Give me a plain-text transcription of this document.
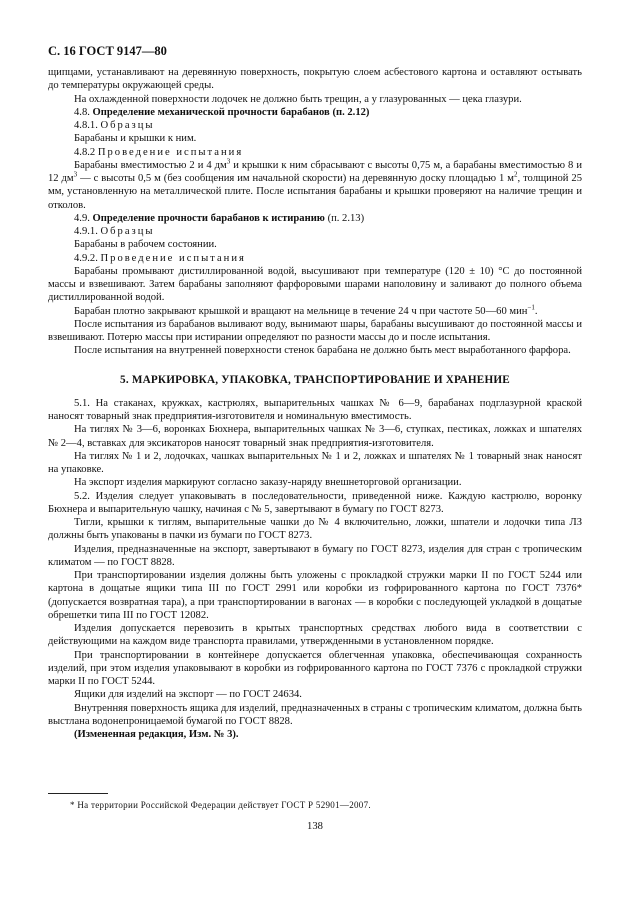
С. 16 ГОСТ 9147—80

щипцами, устанавливают на деревянную поверхность, покрытую слоем асбестового картона и оставляют остывать до температуры окружающей среды.

На охлажденной поверхности лодочек не должно быть трещин, а у глазурованных — цека глазури.

4.8. Определение механической прочности барабанов (п. 2.12)

4.8.1. Образцы

Барабаны и крышки к ним.

4.8.2 Проведение испытания

Барабаны вместимостью 2 и 4 $дм^3$ и крышки к ним сбрасывают с высоты 0,75 м, а барабаны вместимостью 8 и 12 $дм^3$ — с высоты 0,5 м (без сообщения им начальной скорости) на деревянную доску площадью 1 $м^2$, толщиной 25 мм, установленную на металлической плите. После испытания барабаны и крышки проверяют на наличие трещин и отколов.

4.9. Определение прочности барабанов к истиранию (п. 2.13)

4.9.1. Образцы

Барабаны в рабочем состоянии.

4.9.2. Проведение испытания

Барабаны промывают дистиллированной водой, высушивают при температуре (120 ± 10) °С до постоянной массы и взвешивают. Затем барабаны заполняют фарфоровыми шарами наполовину и заливают до полного объема дистиллированной водой.

Барабан плотно закрывают крышкой и вращают на мельнице в течение 24 ч при частоте 50—60 мин$^{-1}$.

После испытания из барабанов выливают воду, вынимают шары, барабаны высушивают до постоянной массы и взвешивают. Потерю массы при истирании определяют по разности массы до и после испытания.

После испытания на внутренней поверхности стенок барабана не должно быть мест выработанного фарфора.

5. МАРКИРОВКА, УПАКОВКА, ТРАНСПОРТИРОВАНИЕ И ХРАНЕНИЕ

5.1. На стаканах, кружках, кастрюлях, выпарительных чашках № 6—9, барабанах подглазурной краской наносят товарный знак предприятия-изготовителя и номинальную вместимость.

На тиглях № 3—6, воронках Бюхнера, выпарительных чашках № 3—6, ступках, пестиках, ложках и шпателях № 2—4, вставках для эксикаторов наносят товарный знак предприятия-изготовителя.

На тиглях № 1 и 2, лодочках, чашках выпарительных № 1 и 2, ложках и шпателях № 1 товарный знак наносят на упаковке.

На экспорт изделия маркируют согласно заказу-наряду внешнеторговой организации.

5.2. Изделия следует упаковывать в последовательности, приведенной ниже. Каждую кастрюлю, воронку Бюхнера и выпарительную чашку, начиная с № 5, завертывают в бумагу по ГОСТ 8273.

Тигли, крышки к тиглям, выпарительные чашки до № 4 включительно, ложки, шпатели и лодочки типа ЛЗ должны быть упакованы в пачки из бумаги по ГОСТ 8273.

Изделия, предназначенные на экспорт, завертывают в бумагу по ГОСТ 8273, изделия для стран с тропическим климатом — по ГОСТ 8828.

При транспортировании изделия должны быть уложены с прокладкой стружки марки II по ГОСТ 5244 или картона в дощатые ящики типа III по ГОСТ 2991 или коробки из гофрированного картона по ГОСТ 7376* (допускается возвратная тара), а при транспортировании в вагонах — в коробки с последующей укладкой в дощатые обрешетки типа III по ГОСТ 12082.

Изделия допускается перевозить в крытых транспортных средствах любого вида в соответствии с действующими на каждом виде транспорта правилами, утвержденными в установленном порядке.

При транспортировании в контейнере допускается облегченная упаковка, обеспечивающая сохранность изделий, при этом изделия упаковывают в коробки из гофрированного картона по ГОСТ 7376 с прокладкой стружки марки II по ГОСТ 5244.

Ящики для изделий на экспорт — по ГОСТ 24634.

Внутренняя поверхность ящика для изделий, предназначенных в страны с тропическим климатом, должна быть выстлана водонепроницаемой бумагой по ГОСТ 8828.

(Измененная редакция, Изм. № 3).

* На территории Российской Федерации действует ГОСТ Р 52901—2007.
138
